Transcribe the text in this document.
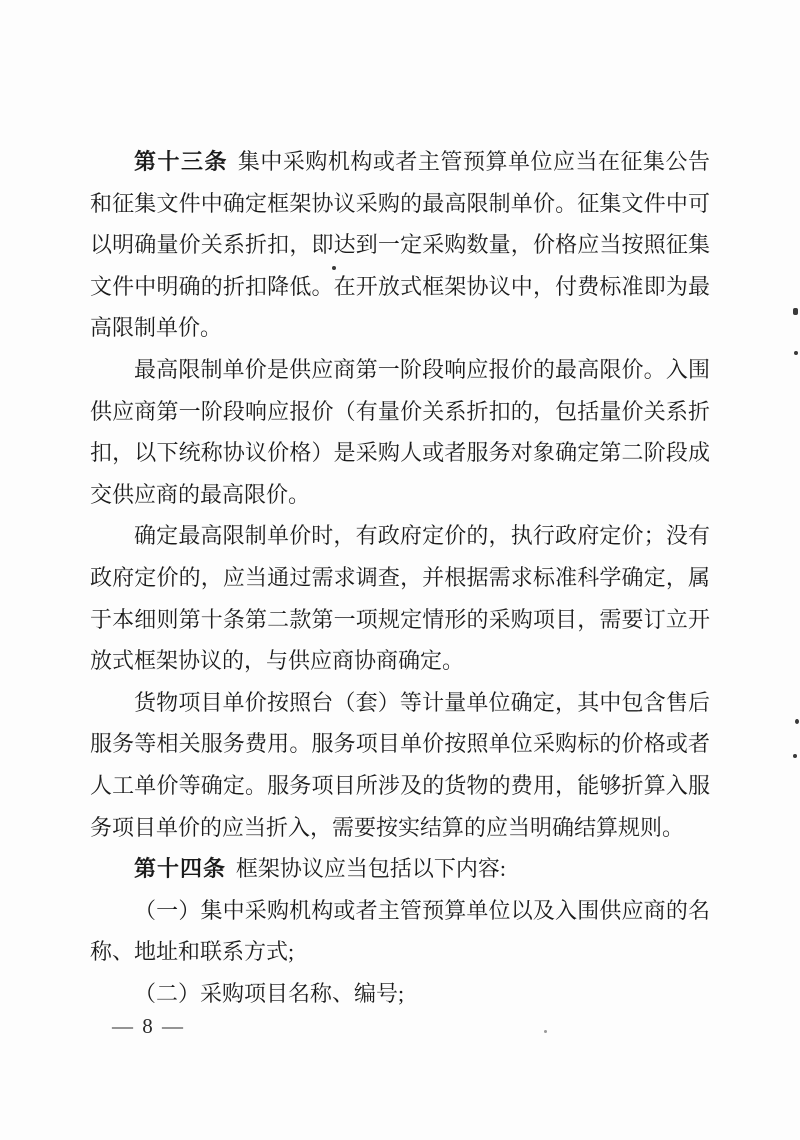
第十三条 集中采购机构或者主管预算单位应当在征集公告和征集文件中确定框架协议采购的最高限制单价。征集文件中可以明确量价关系折扣，即达到一定采购数量，价格应当按照征集文件中明确的折扣降低。在开放式框架协议中，付费标准即为最高限制单价。

最高限制单价是供应商第一阶段响应报价的最高限价。入围供应商第一阶段响应报价（有量价关系折扣的，包括量价关系折扣，以下统称协议价格）是采购人或者服务对象确定第二阶段成交供应商的最高限价。

确定最高限制单价时，有政府定价的，执行政府定价；没有政府定价的，应当通过需求调查，并根据需求标准科学确定，属于本细则第十条第二款第一项规定情形的采购项目，需要订立开放式框架协议的，与供应商协商确定。

货物项目单价按照台（套）等计量单位确定，其中包含售后服务等相关服务费用。服务项目单价按照单位采购标的价格或者人工单价等确定。服务项目所涉及的货物的费用，能够折算入服务项目单价的应当折入，需要按实结算的应当明确结算规则。

第十四条 框架协议应当包括以下内容:

（一）集中采购机构或者主管预算单位以及入围供应商的名称、地址和联系方式;

（二）采购项目名称、编号;

— 8 —
